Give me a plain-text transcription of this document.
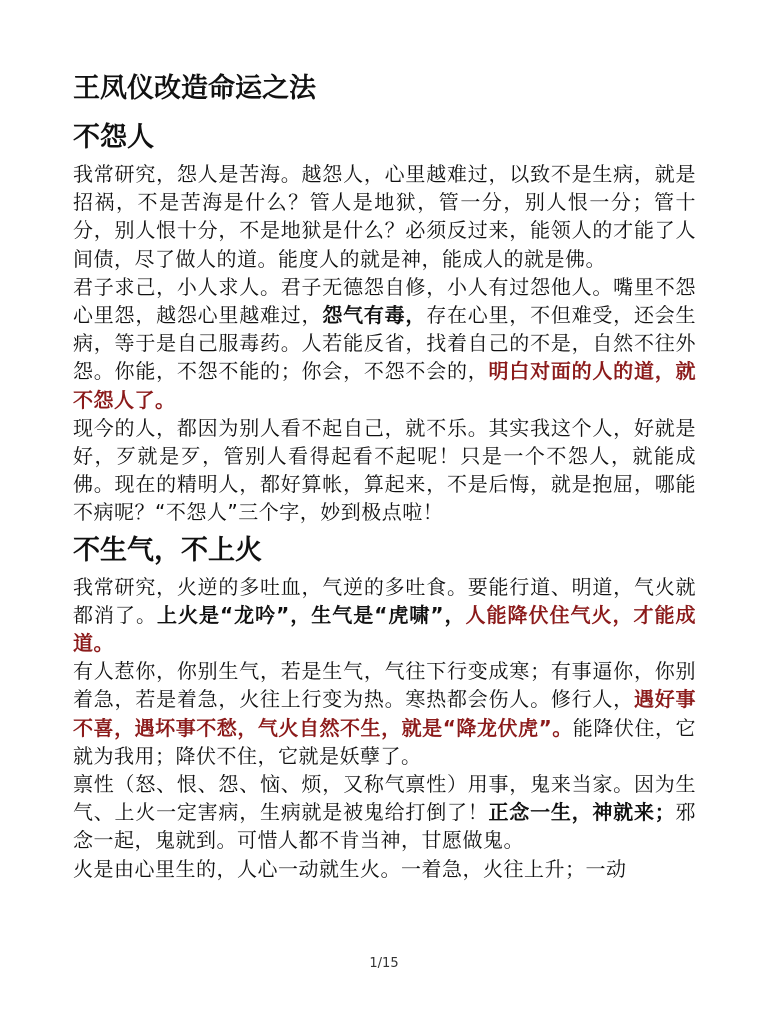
王凤仪改造命运之法
不怨人

我常研究，怨人是苦海。越怨人，心里越难过，以致不是生病，就是招祸，不是苦海是什么？管人是地狱，管一分，别人恨一分；管十分，别人恨十分，不是地狱是什么？必须反过来，能领人的才能了人间债，尽了做人的道。能度人的就是神，能成人的就是佛。

君子求己，小人求人。君子无德怨自修，小人有过怨他人。嘴里不怨心里怨，越怨心里越难过，怨气有毒，存在心里，不但难受，还会生病，等于是自己服毒药。人若能反省，找着自己的不是，自然不往外怨。你能，不怨不能的；你会，不怨不会的，明白对面的人的道，就不怨人了。

现今的人，都因为别人看不起自己，就不乐。其实我这个人，好就是好，歹就是歹，管别人看得起看不起呢！只是一个不怨人，就能成佛。现在的精明人，都好算帐，算起来，不是后悔，就是抱屈，哪能不病呢？“不怨人”三个字，妙到极点啦！

不生气，不上火

我常研究，火逆的多吐血，气逆的多吐食。要能行道、明道，气火就都消了。上火是“龙吟”，生气是“虎啸”，人能降伏住气火，才能成道。

有人惹你，你别生气，若是生气，气往下行变成寒；有事逼你，你别着急，若是着急，火往上行变为热。寒热都会伤人。修行人，遇好事不喜，遇坏事不愁，气火自然不生，就是“降龙伏虎”。能降伏住，它就为我用；降伏不住，它就是妖孽了。

禀性（怒、恨、怨、恼、烦，又称气禀性）用事，鬼来当家。因为生气、上火一定害病，生病就是被鬼给打倒了！正念一生，神就来；邪念一起，鬼就到。可惜人都不肯当神，甘愿做鬼。

火是由心里生的，人心一动就生火。一着急，火往上升；一动

1/15
